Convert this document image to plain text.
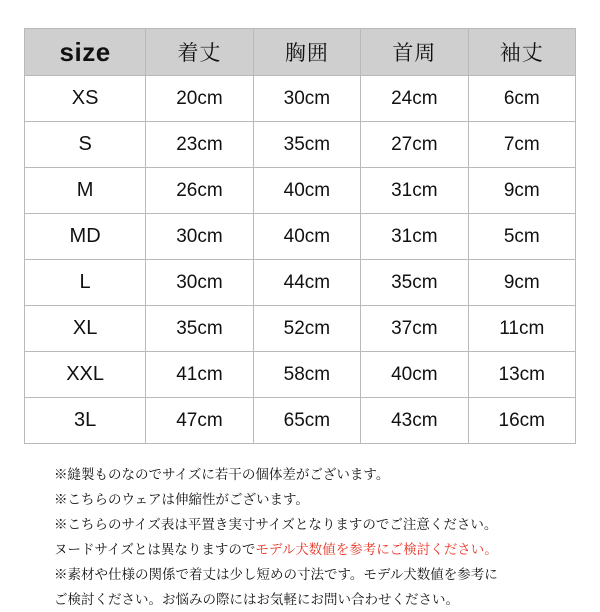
size	着丈	胸囲	首周	袖丈
XS	20cm	30cm	24cm	6cm
S	23cm	35cm	27cm	7cm
M	26cm	40cm	31cm	9cm
MD	30cm	40cm	31cm	5cm
L	30cm	44cm	35cm	9cm
XL	35cm	52cm	37cm	11cm
XXL	41cm	58cm	40cm	13cm
3L	47cm	65cm	43cm	16cm
※縫製ものなのでサイズに若干の個体差がございます。
※こちらのウェアは伸縮性がございます。
※こちらのサイズ表は平置き実寸サイズとなりますのでご注意ください。
ヌードサイズとは異なりますのでモデル犬数値を参考にご検討ください。
※素材や仕様の関係で着丈は少し短めの寸法です。モデル犬数値を参考に
ご検討ください。お悩みの際にはお気軽にお問い合わせください。
